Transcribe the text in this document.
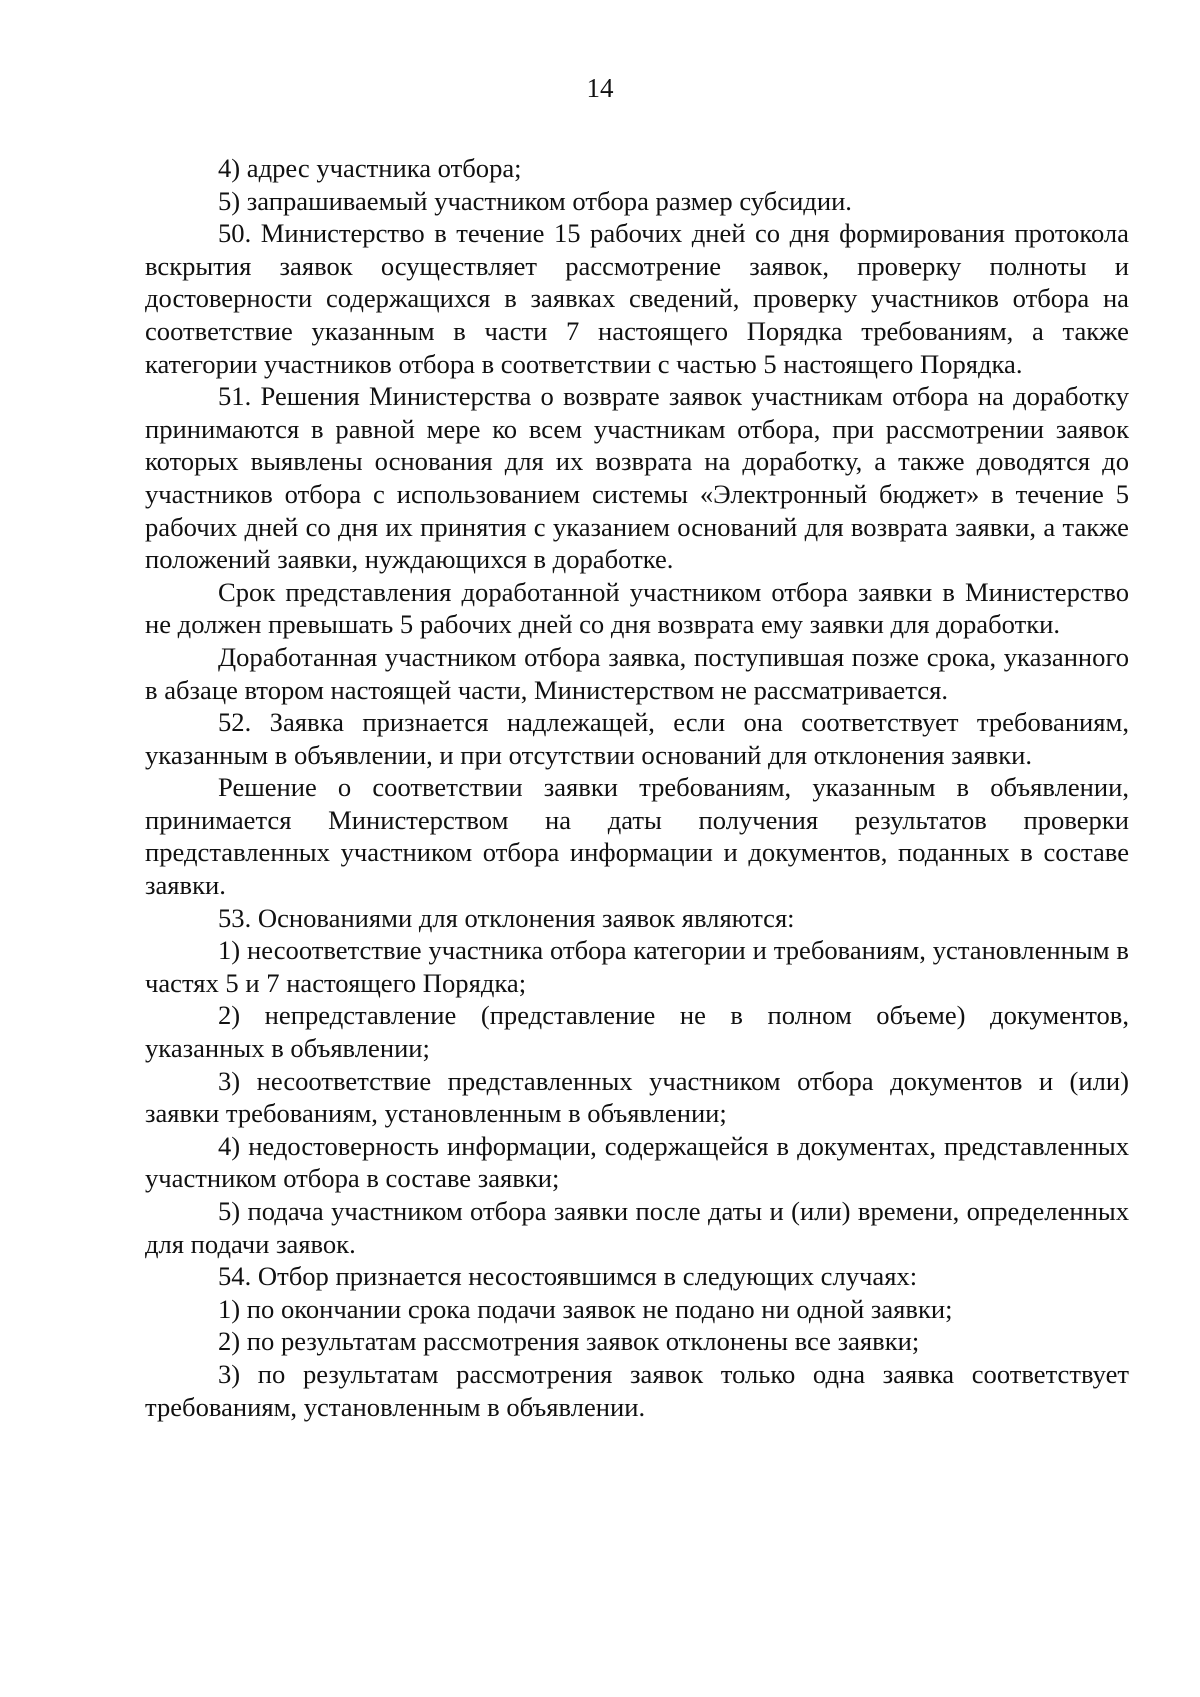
14

4) адрес участника отбора;

5) запрашиваемый участником отбора размер субсидии.

50. Министерство в течение 15 рабочих дней со дня формирования протокола вскрытия заявок осуществляет рассмотрение заявок, проверку полноты и достоверности содержащихся в заявках сведений, проверку участников отбора на соответствие указанным в части 7 настоящего Порядка требованиям, а также категории участников отбора в соответствии с частью 5 настоящего Порядка.

51. Решения Министерства о возврате заявок участникам отбора на доработку принимаются в равной мере ко всем участникам отбора, при рассмотрении заявок которых выявлены основания для их возврата на доработку, а также доводятся до участников отбора с использованием системы «Электронный бюджет» в течение 5 рабочих дней со дня их принятия с указанием оснований для возврата заявки, а также положений заявки, нуждающихся в доработке.

Срок представления доработанной участником отбора заявки в Министерство не должен превышать 5 рабочих дней со дня возврата ему заявки для доработки.

Доработанная участником отбора заявка, поступившая позже срока, указанного в абзаце втором настоящей части, Министерством не рассматривается.

52. Заявка признается надлежащей, если она соответствует требованиям, указанным в объявлении, и при отсутствии оснований для отклонения заявки.

Решение о соответствии заявки требованиям, указанным в объявлении, принимается Министерством на даты получения результатов проверки представленных участником отбора информации и документов, поданных в составе заявки.

53. Основаниями для отклонения заявок являются:

1) несоответствие участника отбора категории и требованиям, установленным в частях 5 и 7 настоящего Порядка;

2) непредставление (представление не в полном объеме) документов, указанных в объявлении;

3) несоответствие представленных участником отбора документов и (или) заявки требованиям, установленным в объявлении;

4) недостоверность информации, содержащейся в документах, представленных участником отбора в составе заявки;

5) подача участником отбора заявки после даты и (или) времени, определенных для подачи заявок.

54. Отбор признается несостоявшимся в следующих случаях:

1) по окончании срока подачи заявок не подано ни одной заявки;

2) по результатам рассмотрения заявок отклонены все заявки;

3) по результатам рассмотрения заявок только одна заявка соответствует требованиям, установленным в объявлении.
